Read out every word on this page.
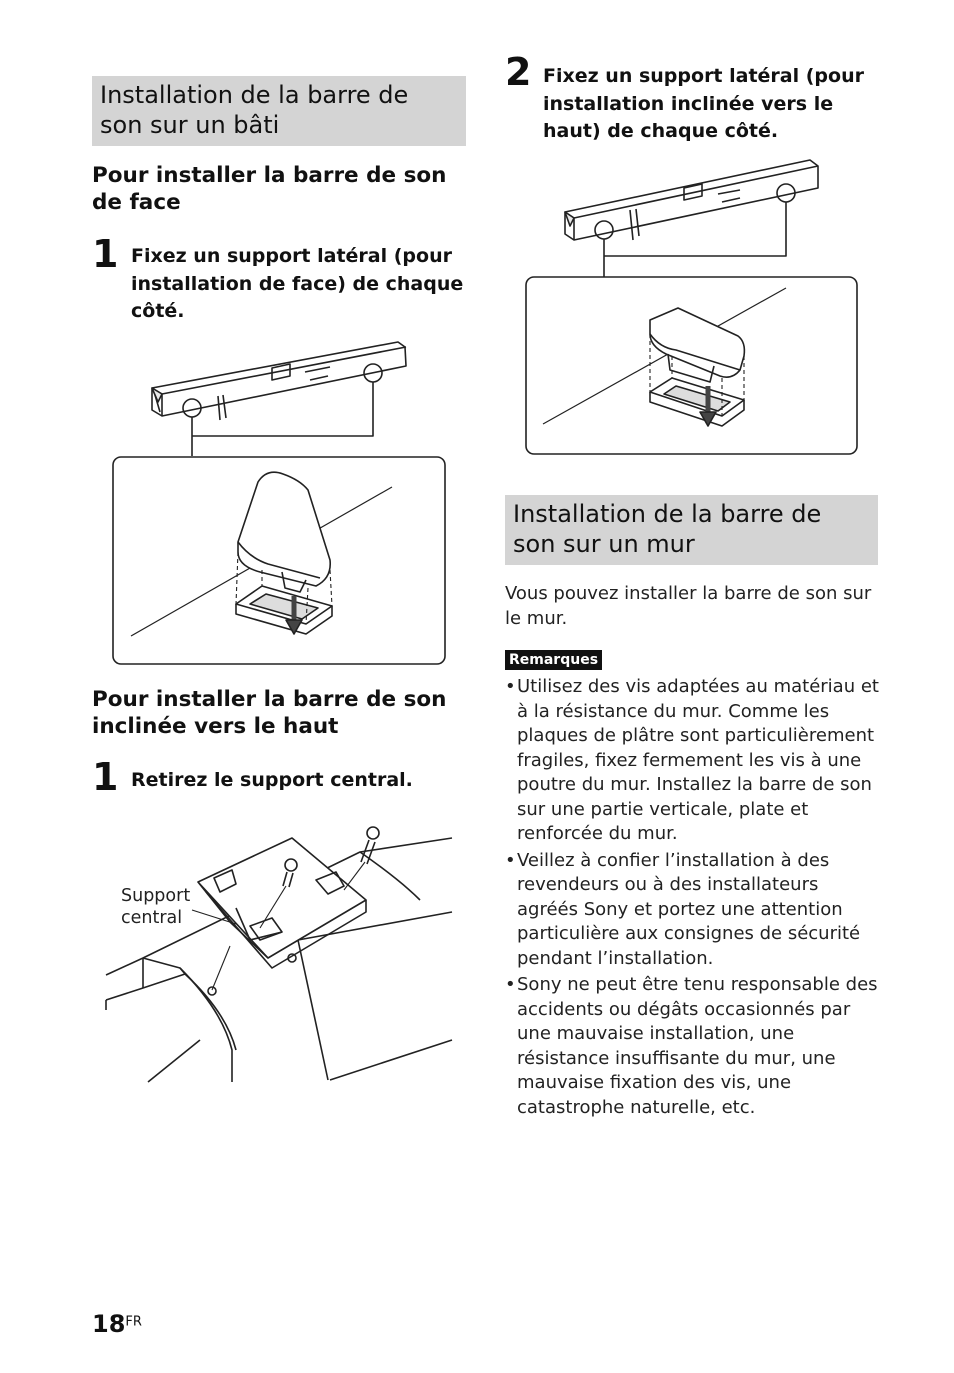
Installation de la barre de son sur un bâti
Pour installer la barre de son de face
1 Fixez un support latéral (pour installation de face) de chaque côté.
Pour installer la barre de son inclinée vers le haut
1 Retirez le support central.
Support
central
2 Fixez un support latéral (pour installation inclinée vers le haut) de chaque côté.
Installation de la barre de son sur un mur
Vous pouvez installer la barre de son sur le mur.
Remarques
• Utilisez des vis adaptées au matériau et à la résistance du mur. Comme les plaques de plâtre sont particulièrement fragiles, fixez fermement les vis à une poutre du mur. Installez la barre de son sur une partie verticale, plate et renforcée du mur.
• Veillez à confier l’installation à des revendeurs ou à des installateurs agréés Sony et portez une attention particulière aux consignes de sécurité pendant l’installation.
• Sony ne peut être tenu responsable des accidents ou dégâts occasionnés par une mauvaise installation, une résistance insuffisante du mur, une mauvaise fixation des vis, une catastrophe naturelle, etc.
$18^{FR}$
